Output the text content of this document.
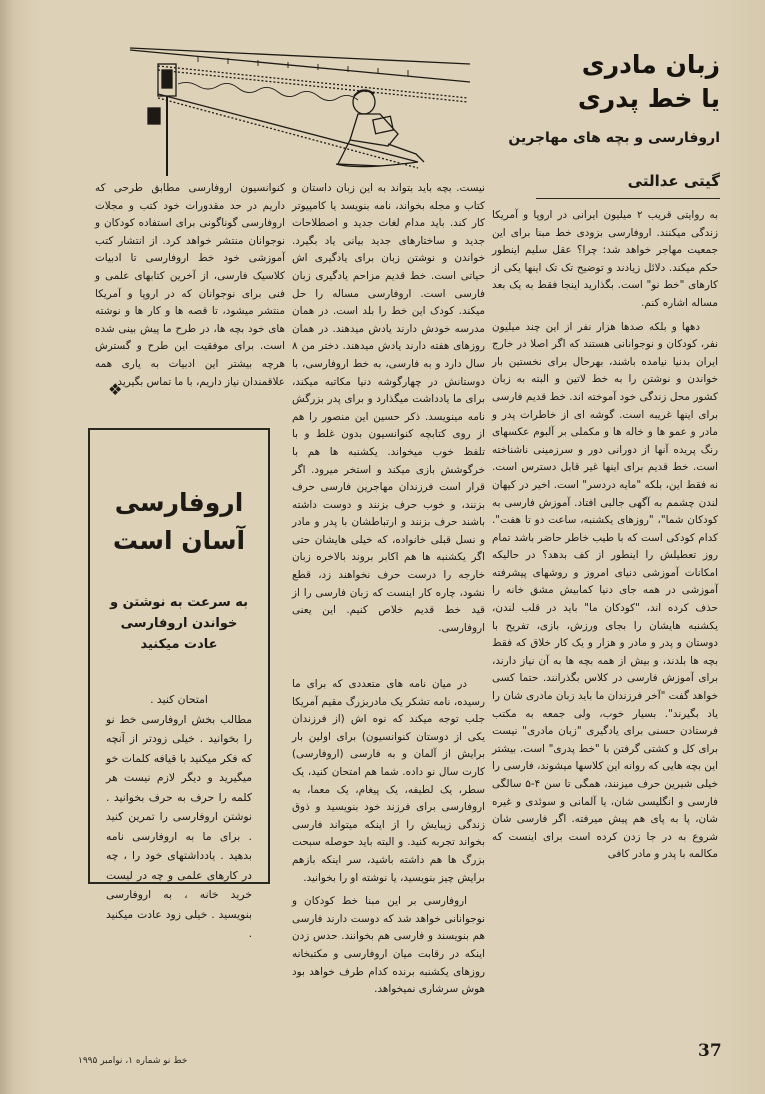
زبان مادری
یا خط پدری
اروفارسی و بچه های مهاجرین
گیتی عدالتی

به روایتی قریب ۲ میلیون ایرانی در اروپا و آمریکا زندگی میکنند. اروفارسی بزودی خط مبنا برای این جمعیت مهاجر خواهد شد: چرا؟ عقل سلیم اینطور حکم میکند. دلائل زیادند و توضیح تک تک اینها یکی از کارهای "خط نو" است. بگذارید اینجا فقط به یک بعد مساله اشاره کنم.

دهها و بلکه صدها هزار نفر از این چند میلیون نفر، کودکان و نوجوانانی هستند که اگر اصلا در خارج ایران بدنیا نیامده باشند، بهرحال برای نخستین بار خواندن و نوشتن را به خط لاتین و البته به زبان کشور محل زندگی خود آموخته اند. خط قدیم فارسی برای اینها غریبه است. گوشه ای از خاطرات پدر و مادر و عمو ها و خاله ها و مکملی بر آلبوم عکسهای رنگ پریده آنها از دورانی دور و سرزمینی ناشناخته است. خط قدیم برای اینها غیر قابل دسترس است. نه فقط این، بلکه "مایه دردسر" است. اخیر در کیهان لندن چشمم به آگهی جالبی افتاد. آموزش فارسی به کودکان شما"، "روزهای یکشنبه، ساعت دو تا هفت". کدام کودکی است که با طیب خاطر حاضر باشد تمام روز تعطیلش را اینطور از کف بدهد؟ در حالیکه امکانات آموزشی دنیای امروز و روشهای پیشرفته آموزشی در همه جای دنیا کمابیش مشق خانه را حذف کرده اند، "کودکان ما" باید در قلب لندن، یکشنبه هایشان را بجای ورزش، بازی، تفریح با دوستان و پدر و مادر و هزار و یک کار خلاق که فقط بچه ها بلدند، و بیش از همه بچه ها به آن نیاز دارند، برای آموزش فارسی در کلاس بگذرانند. حتما کسی خواهد گفت "آخر فرزندان ما باید زبان مادری شان را یاد بگیرند". بسیار خوب، ولی جمعه به مکتب فرستادن حسنی برای یادگیری "زبان مادری" نیست برای کل و کشتی گرفتن با "خط پدری" است. بیشتر این بچه هایی که روانه این کلاسها میشوند، فارسی را خیلی شیرین حرف میزنند، همگی تا سن ۴-۵ سالگی فارسی و انگلیسی شان، یا آلمانی و سوئدی و غیره شان، پا به پای هم پیش میرفته. اگر فارسی شان شروع به در جا زدن کرده است برای اینست که مکالمه با پدر و مادر کافی

نیست. بچه باید بتواند به این زبان داستان و کتاب و مجله بخواند، نامه بنویسد یا کامپیوتر کار کند. باید مدام لغات جدید و اصطلاحات جدید و ساختارهای جدید بیانی یاد بگیرد. خواندن و نوشتن زبان برای یادگیری اش حیاتی است. خط قدیم مزاحم یادگیری زبان فارسی است. اروفارسی مساله را حل میکند. کودک این خط را بلد است. در همان مدرسه خودش دارند یادش میدهند. در همان روزهای هفته دارند یادش میدهند. دختر من ۸ سال دارد و به فارسی، به خط اروفارسی، با دوستانش در چهارگوشه دنیا مکاتبه میکند، برای ما یادداشت میگذارد و برای پدر بزرگش نامه مینویسد. ذکر حسین این منصور را هم از روی کتابچه کنوانسیون بدون غلط و با تلفظ خوب میخواند. یکشنبه ها هم با خرگوشش بازی میکند و استخر میرود. اگر قرار است فرزندان مهاجرین فارسی حرف بزنند، و خوب حرف بزنند و دوست داشته باشند حرف بزنند و ارتباطشان با پدر و مادر و نسل قبلی خانواده، که خیلی هایشان حتی اگر یکشنبه ها هم اکابر بروند بالاخره زبان خارجه را درست حرف نخواهند زد، قطع نشود، چاره کار اینست که زبان فارسی را از قید خط قدیم خلاص کنیم. این یعنی اروفارسی.

در میان نامه های متعددی که برای ما رسیده، نامه تشکر یک مادربزرگ مقیم آمریکا جلب توجه میکند که نوه اش (از فرزندان یکی از دوستان کنوانسیون) برای اولین بار برایش از آلمان و به فارسی (اروفارسی) کارت سال نو داده. شما هم امتحان کنید، یک سطر، یک لطیفه، یک پیغام، یک معما، به اروفارسی برای فرزند خود بنویسید و ذوق زندگی زیبایش را از اینکه میتواند فارسی بخواند تجربه کنید. و البته باید حوصله سبحت بزرگ ها هم داشته باشید، سر اینکه بازهم برایش چیز بنویسید، یا نوشته او را بخوانید.

اروفارسی بر این مبنا خط کودکان و نوجوانانی خواهد شد که دوست دارند فارسی هم بنویسند و فارسی هم بخوانند. حدس زدن اینکه در رقابت میان اروفارسی و مکتبخانه روزهای یکشنبه برنده کدام طرف خواهد بود هوش سرشاری نمیخواهد.

کنوانسیون اروفارسی مطابق طرحی که داریم در حد مقدورات خود کتب و مجلات اروفارسی گوناگونی برای استفاده کودکان و نوجوانان منتشر خواهد کرد. از انتشار کتب آموزشی خود خط اروفارسی تا ادبیات کلاسیک فارسی، از آخرین کتابهای علمی و فنی برای نوجوانان که در اروپا و آمریکا منتشر میشود، تا قصه ها و کار ها و نوشته های خود بچه ها، در طرح ما پیش بینی شده است. برای موفقیت این طرح و گسترش هرچه بیشتر این ادبیات به یاری همه علاقمندان نیاز داریم، با ما تماس بگیرید.

❖
اروفارسی
آسان است
به سرعت به نوشتن و خواندن اروفارسی عادت میکنید
امتحان کنید .
مطالب بخش اروفارسی خط نو را بخوانید . خیلی زودتر از آنچه که فکر میکنید با قیافه کلمات خو میگیرید و دیگر لازم نیست هر کلمه را حرف به حرف بخوانید . نوشتن اروفارسی را تمرین کنید . برای ما به اروفارسی نامه بدهید . یادداشتهای خود را ، چه در کارهای علمی و چه در لیست خرید خانه ، به اروفارسی بنویسید . خیلی زود عادت میکنید .
خط نو شماره ۱، نوامبر ۱۹۹۵	37
